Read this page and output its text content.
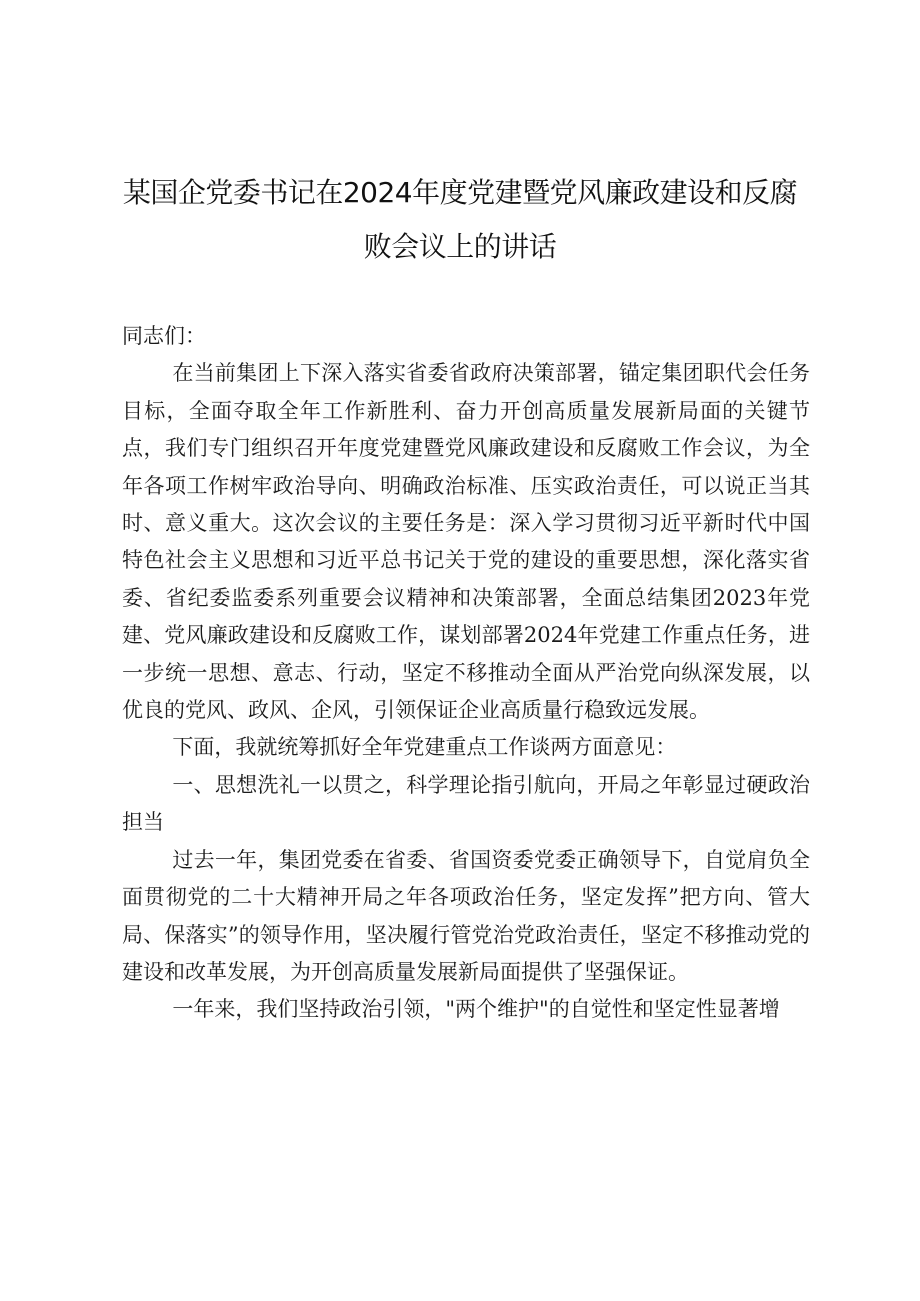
某国企党委书记在2024年度党建暨党风廉政建设和反腐
败会议上的讲话

同志们：

在当前集团上下深入落实省委省政府决策部署，锚定集团职代会任务目标，全面夺取全年工作新胜利、奋力开创高质量发展新局面的关键节点，我们专门组织召开年度党建暨党风廉政建设和反腐败工作会议，为全年各项工作树牢政治导向、明确政治标准、压实政治责任，可以说正当其时、意义重大。这次会议的主要任务是：深入学习贯彻习近平新时代中国特色社会主义思想和习近平总书记关于党的建设的重要思想，深化落实省委、省纪委监委系列重要会议精神和决策部署，全面总结集团2023年党建、党风廉政建设和反腐败工作，谋划部署2024年党建工作重点任务，进一步统一思想、意志、行动，坚定不移推动全面从严治党向纵深发展，以优良的党风、政风、企风，引领保证企业高质量行稳致远发展。

下面，我就统筹抓好全年党建重点工作谈两方面意见：

一、思想洗礼一以贯之，科学理论指引航向，开局之年彰显过硬政治担当

过去一年，集团党委在省委、省国资委党委正确领导下，自觉肩负全面贯彻党的二十大精神开局之年各项政治任务，坚定发挥”把方向、管大局、保落实”的领导作用，坚决履行管党治党政治责任，坚定不移推动党的建设和改革发展，为开创高质量发展新局面提供了坚强保证。

一年来，我们坚持政治引领，"两个维护"的自觉性和坚定性显著增
